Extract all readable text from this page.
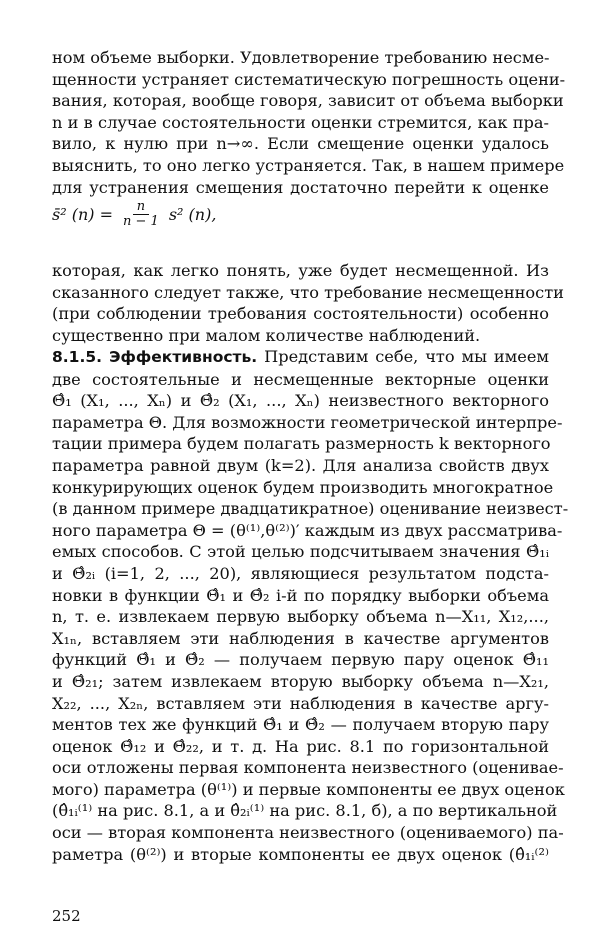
ном объеме выборки. Удовлетворение требованию несме-
щенности устраняет систематическую погрешность оцени-
вания, которая, вообще говоря, зависит от объема выборки
n и в случае состоятельности оценки стремится, как пра-
вило, к нулю при n→∞. Если смещение оценки удалось
выяснить, то оно легко устраняется. Так, в нашем примере
для устранения смещения достаточно перейти к оценке
s̄² $(n) = \frac{n}{n - 1} s^2$ (n),
которая, как легко понять, уже будет несмещенной. Из
сказанного следует также, что требование несмещенности
(при соблюдении требования состоятельности) особенно
существенно при малом количестве наблюдений.
8.1.5. Эффективность. Представим себе, что мы имеем
две состоятельные и несмещенные векторные оценки
Θ̂₁ (X₁, ..., Xₙ) и Θ̂₂ (X₁, ..., Xₙ) неизвестного векторного
параметра Θ. Для возможности геометрической интерпре-
тации примера будем полагать размерность k векторного
параметра равной двум (k=2). Для анализа свойств двух
конкурирующих оценок будем производить многократное
(в данном примере двадцатикратное) оценивание неизвест-
ного параметра Θ = (θ⁽¹⁾,θ⁽²⁾)′ каждым из двух рассматрива-
емых способов. С этой целью подсчитываем значения Θ̂₁ᵢ
и Θ̂₂ᵢ (i=1, 2, ..., 20), являющиеся результатом подста-
новки в функции Θ̂₁ и Θ̂₂ i-й по порядку выборки объема
n, т. е. извлекаем первую выборку объема n—X₁₁, X₁₂,...,
X₁ₙ, вставляем эти наблюдения в качестве аргументов
функций Θ̂₁ и Θ̂₂ — получаем первую пару оценок Θ̂₁₁
и Θ̂₂₁; затем извлекаем вторую выборку объема n—X₂₁,
X₂₂, ..., X₂ₙ, вставляем эти наблюдения в качестве аргу-
ментов тех же функций Θ̂₁ и Θ̂₂ — получаем вторую пару
оценок Θ̂₁₂ и Θ̂₂₂, и т. д. На рис. 8.1 по горизонтальной
оси отложены первая компонента неизвестного (оценивае-
мого) параметра (θ⁽¹⁾) и первые компоненты ее двух оценок
(θ̂₁ᵢ⁽¹⁾ на рис. 8.1, а и θ̂₂ᵢ⁽¹⁾ на рис. 8.1, б), а по вертикальной
оси — вторая компонента неизвестного (оцениваемого) па-
раметра (θ⁽²⁾) и вторые компоненты ее двух оценок (θ̂₁ᵢ⁽²⁾
252
